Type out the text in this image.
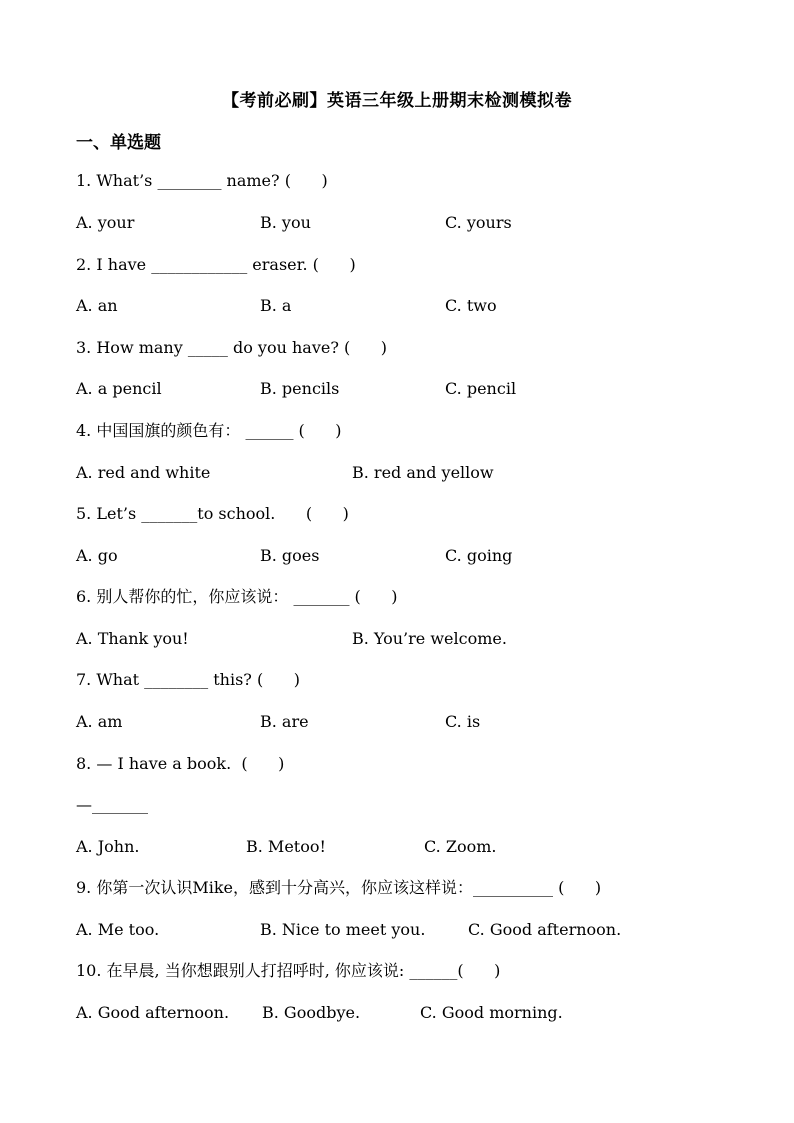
【考前必刷】英语三年级上册期末检测模拟卷
一、单选题
1. What’s ________ name? (      )
A. your	B. you	C. yours
2. I have ____________ eraser. (      )
A. an	B. a	C. two
3. How many _____ do you have? (      )
A. a pencil	B. pencils	C. pencil
4. 中国国旗的颜色有： ______ (      )
A. red and white	B. red and yellow
5. Let’s _______to school.      (      )
A. go	B. goes	C. going
6. 别人帮你的忙，你应该说： _______ (      )
A. Thank you!	B. You’re welcome.
7. What ________ this? (      )
A. am	B. are	C. is
8. — I have a book.  (      )
—_______
A. John.	B. Metoo!	C. Zoom.
9. 你第一次认识Mike，感到十分高兴，你应该这样说：__________ (      )
A. Me too.	B. Nice to meet you.	C. Good afternoon.
10. 在早晨, 当你想跟别人打招呼时, 你应该说: ______(      )
A. Good afternoon. B. Goodbye.	C. Good morning.
